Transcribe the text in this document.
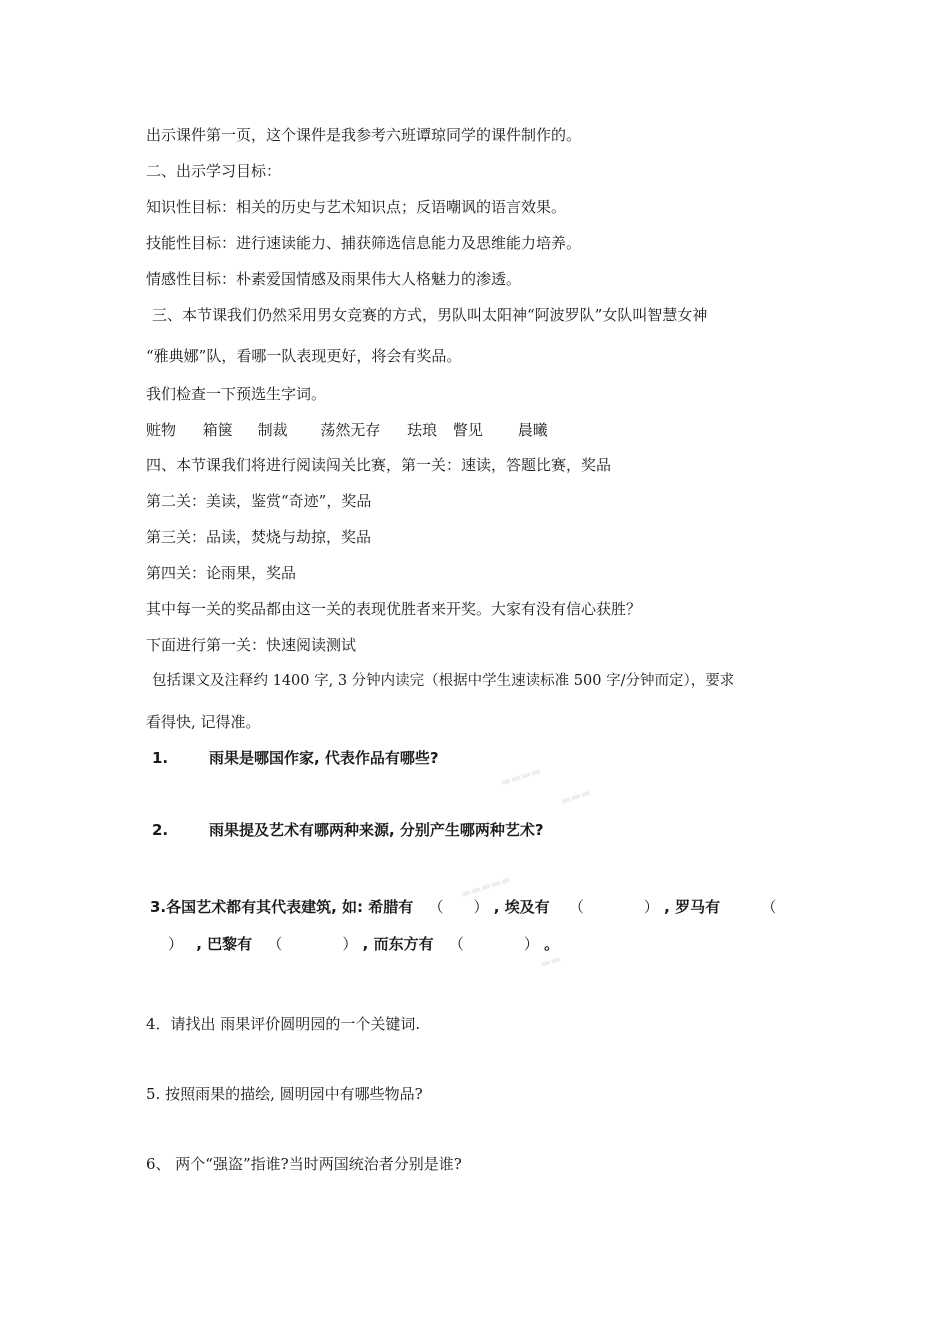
出示课件第一页，这个课件是我参考六班谭琼同学的课件制作的。
二、出示学习目标：
知识性目标：相关的历史与艺术知识点；反语嘲讽的语言效果。
技能性目标：进行速读能力、捕获筛选信息能力及思维能力培养。
情感性目标：朴素爱国情感及雨果伟大人格魅力的渗透。
三、本节课我们仍然采用男女竞赛的方式，男队叫太阳神“阿波罗队”女队叫智慧女神
“雅典娜”队，看哪一队表现更好，将会有奖品。
我们检查一下预选生字词。
赃物 箱箧 制裁 荡然无存 珐琅 瞥见 晨曦
四、本节课我们将进行阅读闯关比赛，第一关：速读，答题比赛，奖品
第二关：美读，鉴赏“奇迹”，奖品
第三关：品读，焚烧与劫掠，奖品
第四关：论雨果，奖品
其中每一关的奖品都由这一关的表现优胜者来开奖。大家有没有信心获胜？
下面进行第一关：快速阅读测试
包括课文及注释约 1400 字, 3 分钟内读完（根据中学生速读标准 500 字/分钟而定），要求
看得快, 记得准。
▬▬▬▬
▬▬▬
▬▬▬▬▬
▬▬
1.	雨果是哪国作家, 代表作品有哪些?
2.	雨果提及艺术有哪两种来源, 分别产生哪两种艺术?
3.各国艺术都有其代表建筑, 如: 希腊有 （　　） , 埃及有 （　　　　） , 罗马有	（
） , 巴黎有 （　　　　） , 而东方有 （　　　　） 。
4．请找出 雨果评价圆明园的一个关键词.
5. 按照雨果的描绘, 圆明园中有哪些物品?
6、 两个“强盗”指谁?当时两国统治者分别是谁?
